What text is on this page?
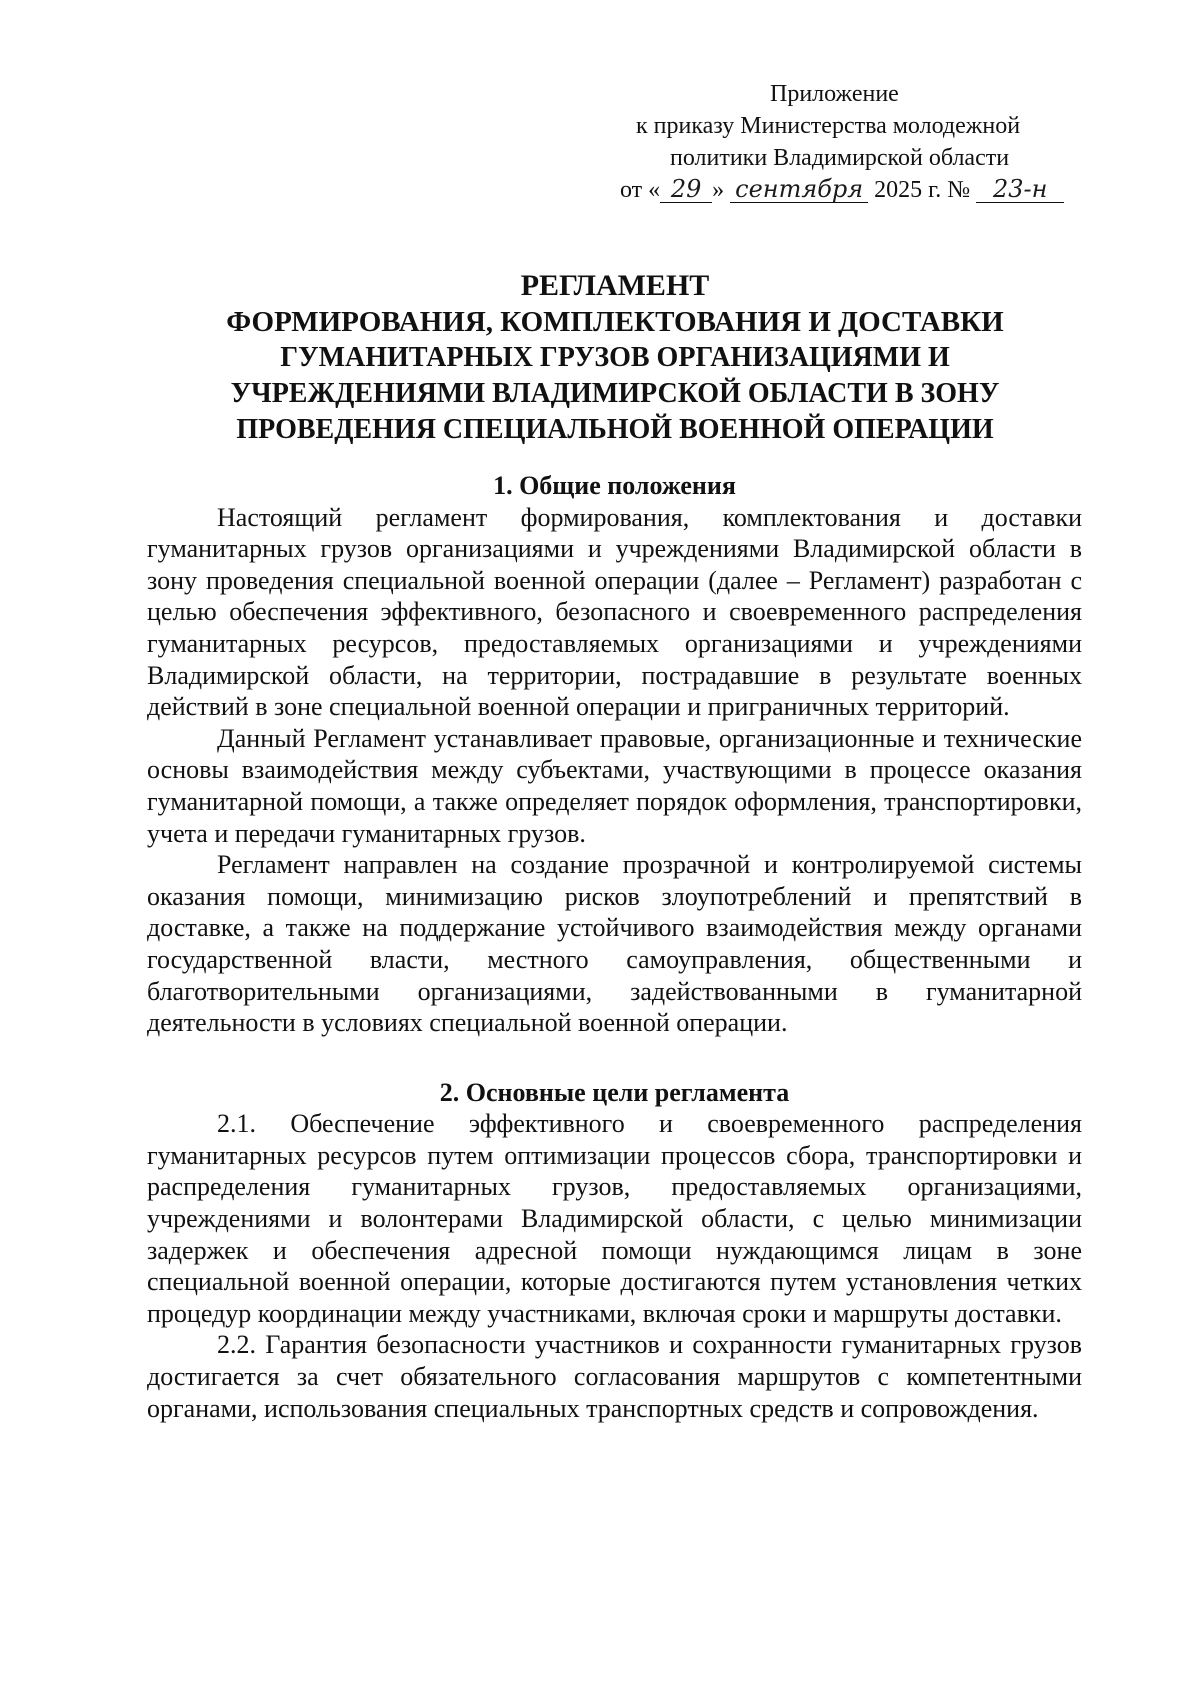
Приложение
к приказу Министерства молодежной
политики Владимирской области
от « 29 » сентября 2025 г. № 23-н
РЕГЛАМЕНТ
ФОРМИРОВАНИЯ, КОМПЛЕКТОВАНИЯ И ДОСТАВКИ
ГУМАНИТАРНЫХ ГРУЗОВ ОРГАНИЗАЦИЯМИ И
УЧРЕЖДЕНИЯМИ ВЛАДИМИРСКОЙ ОБЛАСТИ В ЗОНУ
ПРОВЕДЕНИЯ СПЕЦИАЛЬНОЙ ВОЕННОЙ ОПЕРАЦИИ

1. Общие положения

Настоящий регламент формирования, комплектования и доставки гуманитарных грузов организациями и учреждениями Владимирской области в зону проведения специальной военной операции (далее – Регламент) разработан с целью обеспечения эффективного, безопасного и своевременного распределения гуманитарных ресурсов, предоставляемых организациями и учреждениями Владимирской области, на территории, пострадавшие в результате военных действий в зоне специальной военной операции и приграничных территорий.

Данный Регламент устанавливает правовые, организационные и технические основы взаимодействия между субъектами, участвующими в процессе оказания гуманитарной помощи, а также определяет порядок оформления, транспортировки, учета и передачи гуманитарных грузов.

Регламент направлен на создание прозрачной и контролируемой системы оказания помощи, минимизацию рисков злоупотреблений и препятствий в доставке, а также на поддержание устойчивого взаимодействия между органами государственной власти, местного самоуправления, общественными и благотворительными организациями, задействованными в гуманитарной деятельности в условиях специальной военной операции.

2. Основные цели регламента

2.1. Обеспечение эффективного и своевременного распределения гуманитарных ресурсов путем оптимизации процессов сбора, транспортировки и распределения гуманитарных грузов, предоставляемых организациями, учреждениями и волонтерами Владимирской области, с целью минимизации задержек и обеспечения адресной помощи нуждающимся лицам в зоне специальной военной операции, которые достигаются путем установления четких процедур координации между участниками, включая сроки и маршруты доставки.

2.2. Гарантия безопасности участников и сохранности гуманитарных грузов достигается за счет обязательного согласования маршрутов с компетентными органами, использования специальных транспортных средств и сопровождения.
